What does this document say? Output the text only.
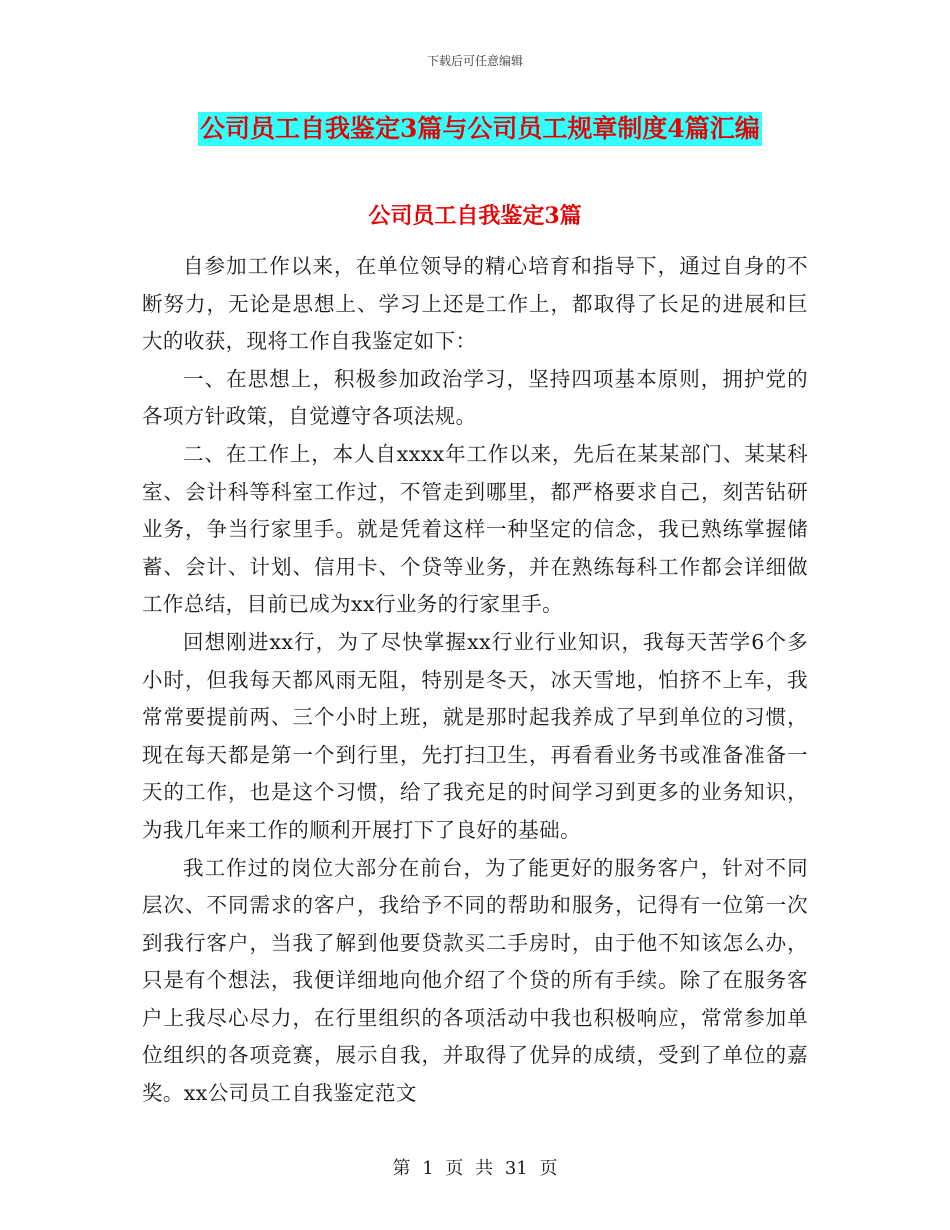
下载后可任意编辑
公司员工自我鉴定3篇与公司员工规章制度4篇汇编
公司员工自我鉴定3篇

自参加工作以来，在单位领导的精心培育和指导下，通过自身的不断努力，无论是思想上、学习上还是工作上，都取得了长足的进展和巨大的收获，现将工作自我鉴定如下：

一、在思想上，积极参加政治学习，坚持四项基本原则，拥护党的各项方针政策，自觉遵守各项法规。

二、在工作上，本人自xxxx年工作以来，先后在某某部门、某某科室、会计科等科室工作过，不管走到哪里，都严格要求自己，刻苦钻研业务，争当行家里手。就是凭着这样一种坚定的信念，我已熟练掌握储蓄、会计、计划、信用卡、个贷等业务，并在熟练每科工作都会详细做工作总结，目前已成为xx行业务的行家里手。

回想刚进xx行，为了尽快掌握xx行业行业知识，我每天苦学6个多小时，但我每天都风雨无阻，特别是冬天，冰天雪地，怕挤不上车，我常常要提前两、三个小时上班，就是那时起我养成了早到单位的习惯，现在每天都是第一个到行里，先打扫卫生，再看看业务书或准备准备一天的工作，也是这个习惯，给了我充足的时间学习到更多的业务知识，为我几年来工作的顺利开展打下了良好的基础。

我工作过的岗位大部分在前台，为了能更好的服务客户，针对不同层次、不同需求的客户，我给予不同的帮助和服务，记得有一位第一次到我行客户，当我了解到他要贷款买二手房时，由于他不知该怎么办，只是有个想法，我便详细地向他介绍了个贷的所有手续。除了在服务客户上我尽心尽力，在行里组织的各项活动中我也积极响应，常常参加单位组织的各项竞赛，展示自我，并取得了优异的成绩，受到了单位的嘉奖。xx公司员工自我鉴定范文

第 1 页 共 31 页
